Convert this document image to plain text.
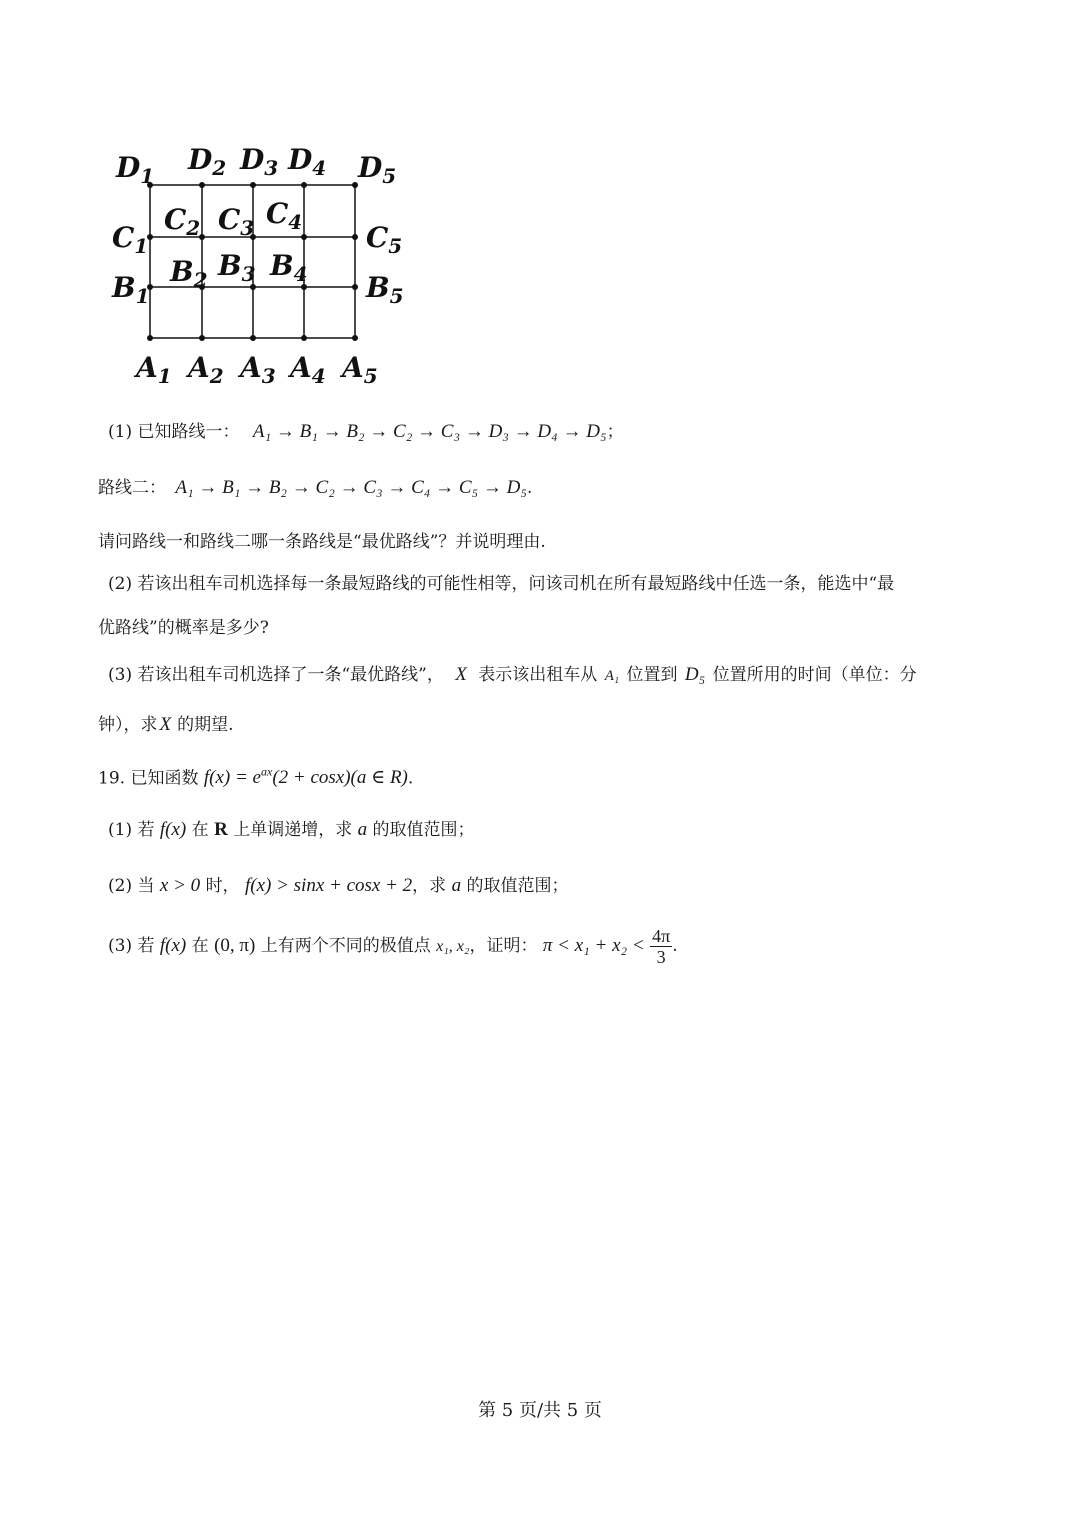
$D_1$ $D_2$ $D_3$ $D_4$ $D_5$
$C_1$
$C_2$ $C_3$ $C_4$ $C_5$
$B_1$
$B_2$ $B_3$ $B_4$ $B_5$
$A_1$ $A_2$ $A_3$ $A_4$ $A_5$
(1) 已知路线一： A₁ → B₁ → B₂ → C₂ → C₃ → D₃ → D₄ → D₅；
路线二： A₁ → B₁ → B₂ → C₂ → C₃ → C₄ → C₅ → D₅.
请问路线一和路线二哪一条路线是“最优路线”？并说明理由.
(2) 若该出租车司机选择每一条最短路线的可能性相等，问该司机在所有最短路线中任选一条，能选中“最
优路线”的概率是多少?
(3) 若该出租车司机选择了一条“最优路线”， X 表示该出租车从 A₁ 位置到 D₅ 位置所用的时间（单位：分
钟），求 X 的期望.
19. 已知函数 $f(x) = e^{ax}(2 + \cos x)(a$ ∈ R).
(1) 若 f(x) 在 R 上单调递增，求 a 的取值范围；
(2) 当 x > 0 时， f(x) > sinx + cosx + 2，求 a 的取值范围；
(3) 若 f(x) 在 (0, π) 上有两个不同的极值点 x₁, x₂，证明： $\pi < x_1 + x_2 < \frac{4\pi}{3}$ .
第 5 页/共 5 页
